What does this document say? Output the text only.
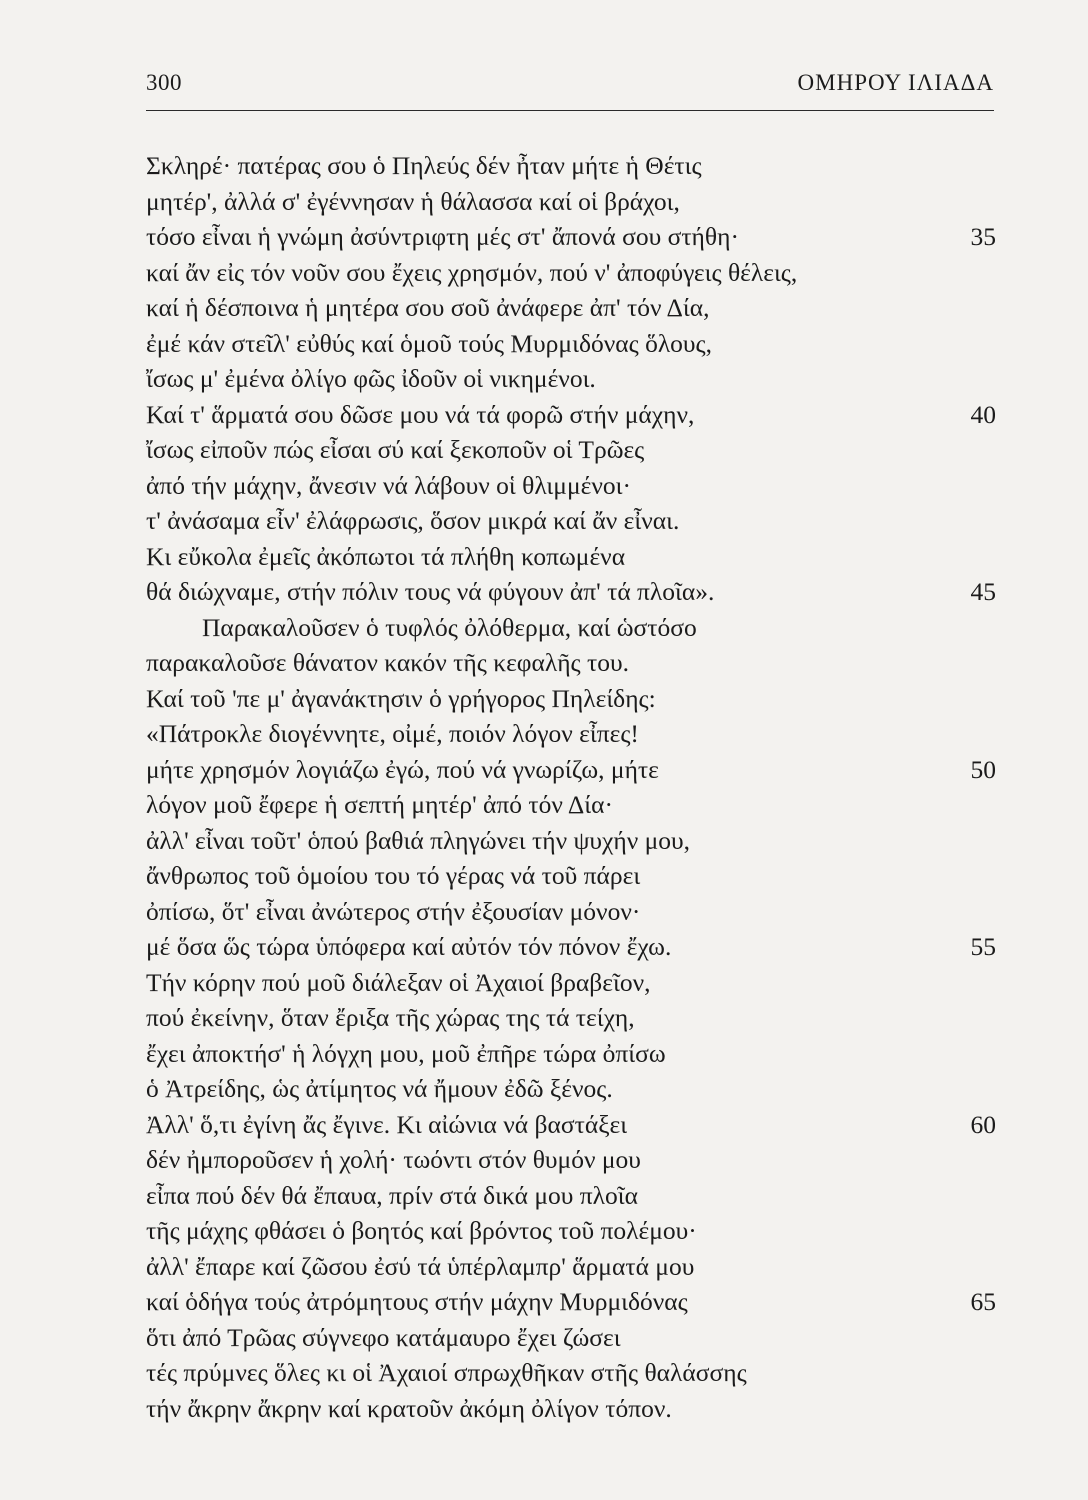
300	ΟΜΗΡΟΥ ΙΛΙΑΔΑ
Σκληρέ· πατέρας σου ὁ Πηλεύς δέν ἦταν μήτε ἡ Θέτις
μητέρ', ἀλλά σ' ἐγέννησαν ἡ θάλασσα καί οἱ βράχοι,
τόσο εἶναι ἡ γνώμη ἀσύντριφτη μές στ' ἄπονά σου στήθη·	35
καί ἄν εἰς τόν νοῦν σου ἔχεις χρησμόν, πού ν' ἀποφύγεις θέλεις,
καί ἡ δέσποινα ἡ μητέρα σου σοῦ ἀνάφερε ἀπ' τόν Δία,
ἐμέ κάν στεῖλ' εὐθύς καί ὁμοῦ τούς Μυρμιδόνας ὅλους,
ἴσως μ' ἐμένα ὀλίγο φῶς ἰδοῦν οἱ νικημένοι.
Καί τ' ἅρματά σου δῶσε μου νά τά φορῶ στήν μάχην,	40
ἴσως εἰποῦν πώς εἶσαι σύ καί ξεκοποῦν οἱ Τρῶες
ἀπό τήν μάχην, ἄνεσιν νά λάβουν οἱ θλιμμένοι·
τ' ἀνάσαμα εἶν' ἐλάφρωσις, ὅσον μικρά καί ἄν εἶναι.
Κι εὔκολα ἐμεῖς ἀκόπωτοι τά πλήθη κοπωμένα
θά διώχναμε, στήν πόλιν τους νά φύγουν ἀπ' τά πλοῖα».	45
Παρακαλοῦσεν ὁ τυφλός ὀλόθερμα, καί ὡστόσο
παρακαλοῦσε θάνατον κακόν τῆς κεφαλῆς του.
Καί τοῦ 'πε μ' ἀγανάκτησιν ὁ γρήγορος Πηλείδης:
«Πάτροκλε διογέννητε, οἰμέ, ποιόν λόγον εἶπες!
μήτε χρησμόν λογιάζω ἐγώ, πού νά γνωρίζω, μήτε	50
λόγον μοῦ ἔφερε ἡ σεπτή μητέρ' ἀπό τόν Δία·
ἀλλ' εἶναι τοῦτ' ὁπού βαθιά πληγώνει τήν ψυχήν μου,
ἄνθρωπος τοῦ ὁμοίου του τό γέρας νά τοῦ πάρει
ὀπίσω, ὅτ' εἶναι ἀνώτερος στήν ἐξουσίαν μόνον·
μέ ὅσα ὥς τώρα ὑπόφερα καί αὐτόν τόν πόνον ἔχω.	55
Τήν κόρην πού μοῦ διάλεξαν οἱ Ἀχαιοί βραβεῖον,
πού ἐκείνην, ὅταν ἔριξα τῆς χώρας της τά τείχη,
ἔχει ἀποκτήσ' ἡ λόγχη μου, μοῦ ἐπῆρε τώρα ὀπίσω
ὁ Ἀτρείδης, ὡς ἀτίμητος νά ἤμουν ἐδῶ ξένος.
Ἀλλ' ὅ,τι ἐγίνη ἄς ἔγινε. Κι αἰώνια νά βαστάξει	60
δέν ἠμποροῦσεν ἡ χολή· τωόντι στόν θυμόν μου
εἶπα πού δέν θά ἔπαυα, πρίν στά δικά μου πλοῖα
τῆς μάχης φθάσει ὁ βοητός καί βρόντος τοῦ πολέμου·
ἀλλ' ἔπαρε καί ζῶσου ἐσύ τά ὑπέρλαμπρ' ἅρματά μου
καί ὁδήγα τούς ἀτρόμητους στήν μάχην Μυρμιδόνας	65
ὅτι ἀπό Τρῶας σύγνεφο κατάμαυρο ἔχει ζώσει
τές πρύμνες ὅλες κι οἱ Ἀχαιοί σπρωχθῆκαν στῆς θαλάσσης
τήν ἄκρην ἄκρην καί κρατοῦν ἀκόμη ὀλίγον τόπον.
